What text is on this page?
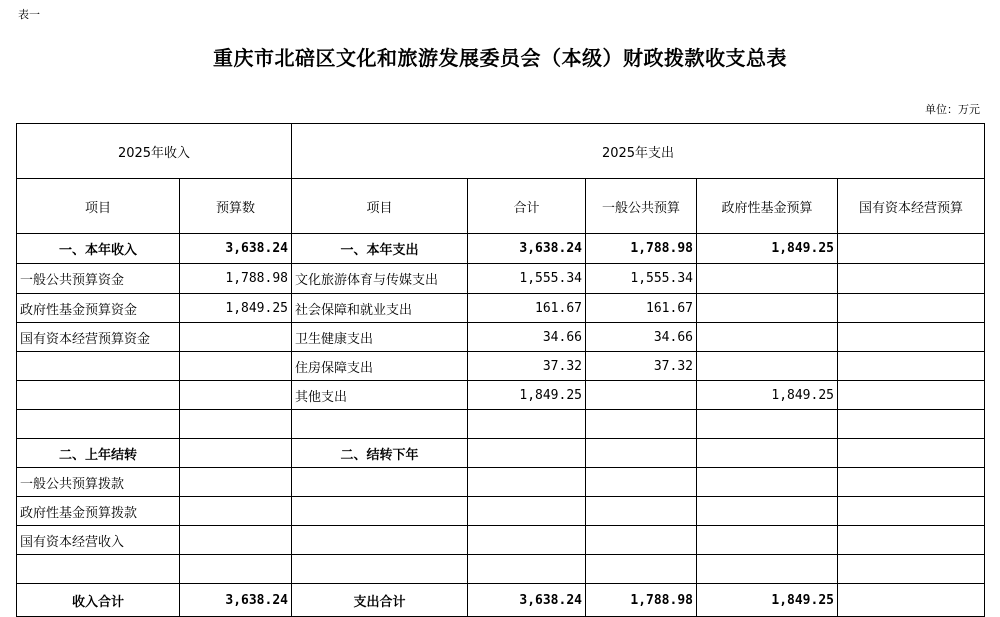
表一
重庆市北碚区文化和旅游发展委员会（本级）财政拨款收支总表
单位：万元
2025年收入		2025年支出				
项目	预算数	项目	合计	一般公共预算	政府性基金预算	国有资本经营预算
一、本年收入	3,638.24	一、本年支出	3,638.24	1,788.98	1,849.25	
一般公共预算资金	1,788.98	文化旅游体育与传媒支出	1,555.34	1,555.34		
政府性基金预算资金	1,849.25	社会保障和就业支出	161.67	161.67		
国有资本经营预算资金		卫生健康支出	34.66	34.66		
		住房保障支出	37.32	37.32		
		其他支出	1,849.25		1,849.25	

二、上年结转		二、结转下年				
一般公共预算拨款						
政府性基金预算拨款						
国有资本经营收入						

收入合计	3,638.24	支出合计	3,638.24	1,788.98	1,849.25	
